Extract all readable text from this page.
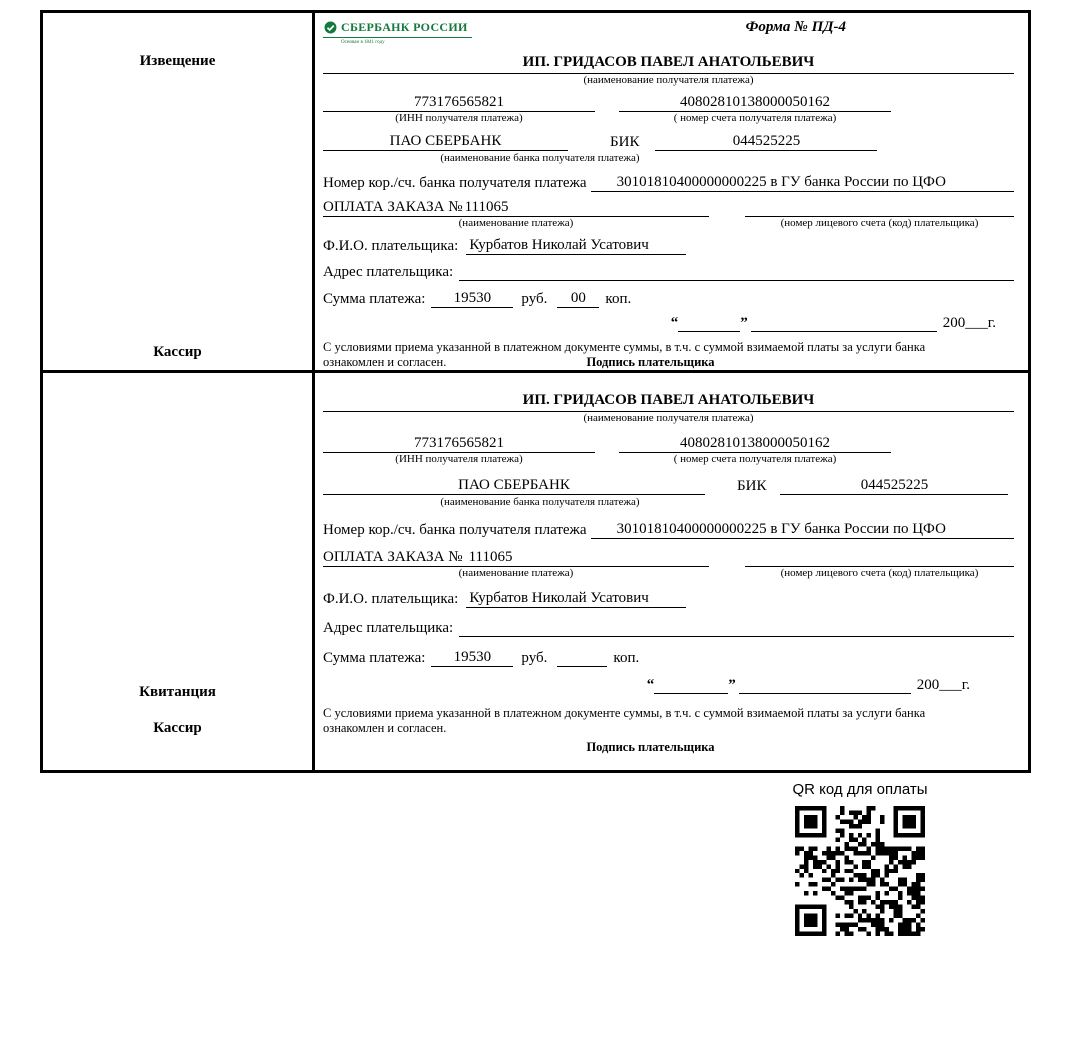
Извещение
Кассир
СБЕРБАНК РОССИИ
Основан в 1841 году
Форма № ПД-4
ИП. ГРИДАСОВ ПАВЕЛ АНАТОЛЬЕВИЧ
(наименование получателя платежа)
773176565821	40802810138000050162
(ИНН получателя платежа)	( номер счета получателя платежа)
ПАО СБЕРБАНК	БИК	044525225
(наименование банка получателя платежа)
Номер кор./сч. банка получателя платежа	30101810400000000225 в ГУ банка России по ЦФО
ОПЛАТА ЗАКАЗА № 111065
(наименование платежа)	(номер лицевого счета (код) плательщика)
Ф.И.О. плательщика: Курбатов Николай Усатович
Адрес плательщика:
Сумма платежа:	19530	руб.	00	коп.
“	”	200___г.
С условиями приема указанной в платежном документе суммы, в т.ч. с суммой взимаемой платы за услуги банка ознакомлен и согласен.	Подпись плательщика
Квитанция
Кассир
ИП. ГРИДАСОВ ПАВЕЛ АНАТОЛЬЕВИЧ
(наименование получателя платежа)
773176565821	40802810138000050162
(ИНН получателя платежа)	( номер счета получателя платежа)
ПАО СБЕРБАНК	БИК	044525225
(наименование банка получателя платежа)
Номер кор./сч. банка получателя платежа	30101810400000000225 в ГУ банка России по ЦФО
ОПЛАТА ЗАКАЗА № 111065
(наименование платежа)	(номер лицевого счета (код) плательщика)
Ф.И.О. плательщика: Курбатов Николай Усатович
Адрес плательщика:
Сумма платежа:	19530	руб.	коп.
“	”	200___г.
С условиями приема указанной в платежном документе суммы, в т.ч. с суммой взимаемой платы за услуги банка ознакомлен и согласен.
Подпись плательщика
QR код для оплаты
